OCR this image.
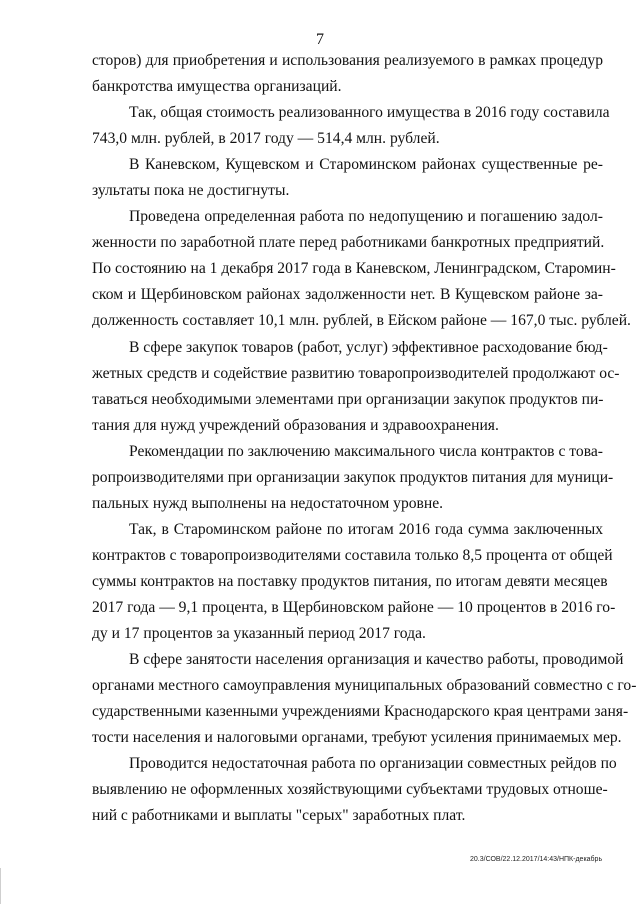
7
сторов) для приобретения и использования реализуемого в рамках процедур
банкротства имущества организаций.
Так, общая стоимость реализованного имущества в 2016 году составила
743,0 млн. рублей, в 2017 году — 514,4 млн. рублей.
В Каневском, Кущевском и Староминском районах существенные ре-
зультаты пока не достигнуты.
Проведена определенная работа по недопущению и погашению задол-
женности по заработной плате перед работниками банкротных предприятий.
По состоянию на 1 декабря 2017 года в Каневском, Ленинградском, Старомин-
ском и Щербиновском районах задолженности нет. В Кущевском районе за-
долженность составляет 10,1 млн. рублей, в Ейском районе — 167,0 тыс. рублей.
В сфере закупок товаров (работ, услуг) эффективное расходование бюд-
жетных средств и содействие развитию товаропроизводителей продолжают ос-
таваться необходимыми элементами при организации закупок продуктов пи-
тания для нужд учреждений образования и здравоохранения.
Рекомендации по заключению максимального числа контрактов с това-
ропроизводителями при организации закупок продуктов питания для муници-
пальных нужд выполнены на недостаточном уровне.
Так, в Староминском районе по итогам 2016 года сумма заключенных
контрактов с товаропроизводителями составила только 8,5 процента от общей
суммы контрактов на поставку продуктов питания, по итогам девяти месяцев
2017 года — 9,1 процента, в Щербиновском районе — 10 процентов в 2016 го-
ду и 17 процентов за указанный период 2017 года.
В сфере занятости населения организация и качество работы, проводимой
органами местного самоуправления муниципальных образований совместно с го-
сударственными казенными учреждениями Краснодарского края центрами заня-
тости населения и налоговыми органами, требуют усиления принимаемых мер.
Проводится недостаточная работа по организации совместных рейдов по
выявлению не оформленных хозяйствующими субъектами трудовых отноше-
ний с работниками и выплаты "серых" заработных плат.
20.3/СОВ/22.12.2017/14:43/НПК-декабрь
